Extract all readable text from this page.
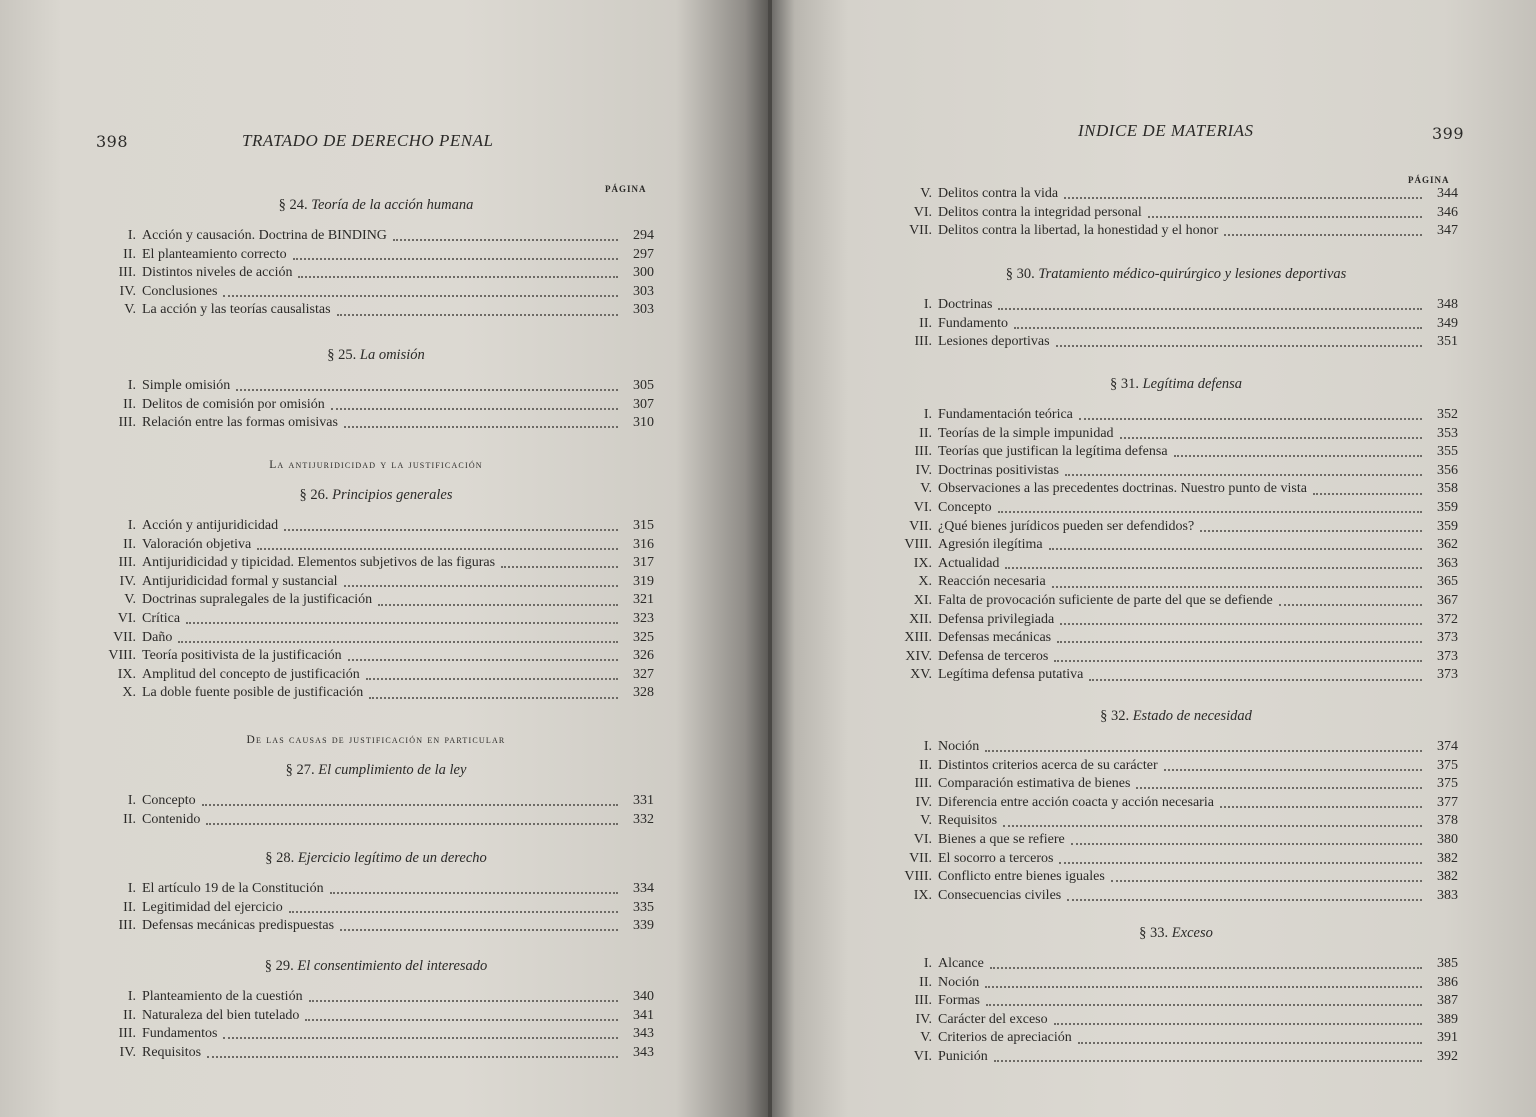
398	TRATADO DE DERECHO PENAL
PÁGINA
§ 24. Teoría de la acción humana
I. Acción y causación. Doctrina de BINDING	294
II. El planteamiento correcto	297
III. Distintos niveles de acción	300
IV. Conclusiones	303
V. La acción y las teorías causalistas	303
§ 25. La omisión
I. Simple omisión	305
II. Delitos de comisión por omisión	307
III. Relación entre las formas omisivas	310
La antijuridicidad y la justificación
§ 26. Principios generales
I. Acción y antijuridicidad	315
II. Valoración objetiva	316
III. Antijuridicidad y tipicidad. Elementos subjetivos de las figuras	317
IV. Antijuridicidad formal y sustancial	319
V. Doctrinas supralegales de la justificación	321
VI. Crítica	323
VII. Daño	325
VIII. Teoría positivista de la justificación	326
IX. Amplitud del concepto de justificación	327
X. La doble fuente posible de justificación	328
De las causas de justificación en particular
§ 27. El cumplimiento de la ley
I. Concepto	331
II. Contenido	332
§ 28. Ejercicio legítimo de un derecho
I. El artículo 19 de la Constitución	334
II. Legitimidad del ejercicio	335
III. Defensas mecánicas predispuestas	339
§ 29. El consentimiento del interesado
I. Planteamiento de la cuestión	340
II. Naturaleza del bien tutelado	341
III. Fundamentos	343
IV. Requisitos	343
INDICE DE MATERIAS	399
PÁGINA
V. Delitos contra la vida	344
VI. Delitos contra la integridad personal	346
VII. Delitos contra la libertad, la honestidad y el honor	347
§ 30. Tratamiento médico-quirúrgico y lesiones deportivas
I. Doctrinas	348
II. Fundamento	349
III. Lesiones deportivas	351
§ 31. Legítima defensa
I. Fundamentación teórica	352
II. Teorías de la simple impunidad	353
III. Teorías que justifican la legítima defensa	355
IV. Doctrinas positivistas	356
V. Observaciones a las precedentes doctrinas. Nuestro punto de vista	358
VI. Concepto	359
VII. ¿Qué bienes jurídicos pueden ser defendidos?	359
VIII. Agresión ilegítima	362
IX. Actualidad	363
X. Reacción necesaria	365
XI. Falta de provocación suficiente de parte del que se defiende	367
XII. Defensa privilegiada	372
XIII. Defensas mecánicas	373
XIV. Defensa de terceros	373
XV. Legítima defensa putativa	373
§ 32. Estado de necesidad
I. Noción	374
II. Distintos criterios acerca de su carácter	375
III. Comparación estimativa de bienes	375
IV. Diferencia entre acción coacta y acción necesaria	377
V. Requisitos	378
VI. Bienes a que se refiere	380
VII. El socorro a terceros	382
VIII. Conflicto entre bienes iguales	382
IX. Consecuencias civiles	383
§ 33. Exceso
I. Alcance	385
II. Noción	386
III. Formas	387
IV. Carácter del exceso	389
V. Criterios de apreciación	391
VI. Punición	392
